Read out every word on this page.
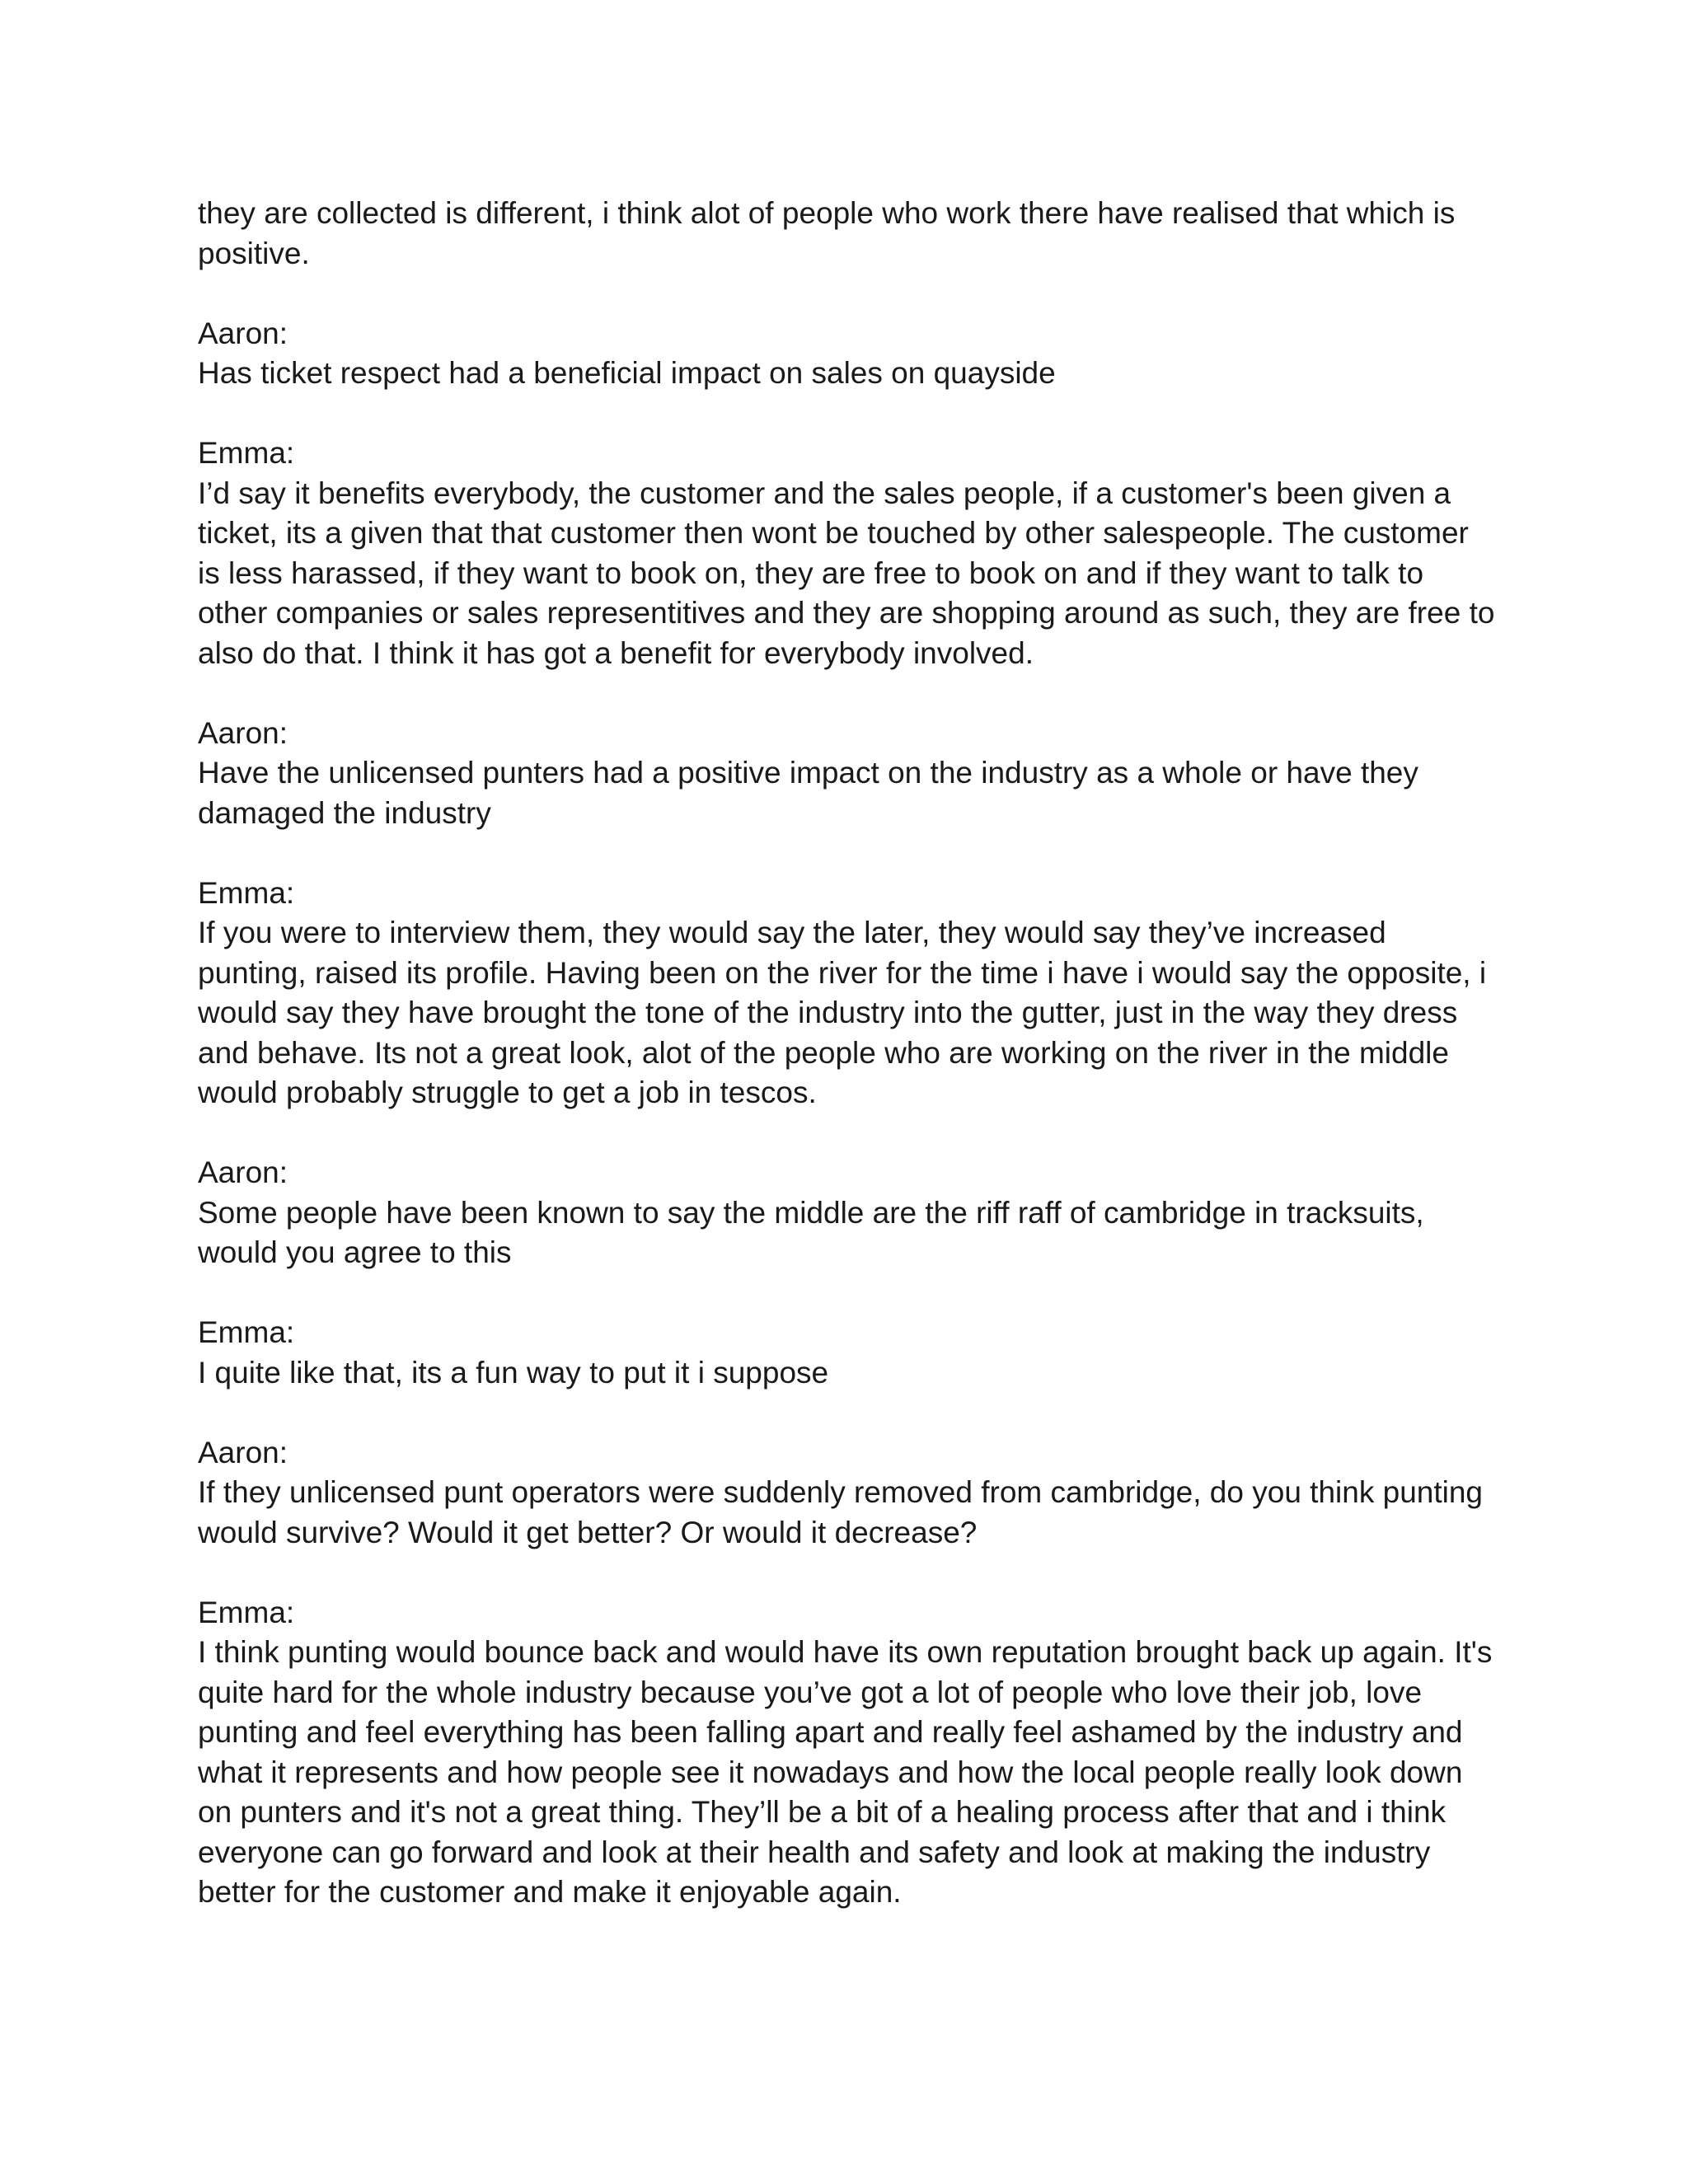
they are collected is different, i think alot of people who work there have realised that which is
positive.
Aaron:
Has ticket respect had a beneficial impact on sales on quayside
Emma:
I’d say it benefits everybody, the customer and the sales people, if a customer's been given a
ticket, its a given that that customer then wont be touched by other salespeople. The customer
is less harassed, if they want to book on, they are free to book on and if they want to talk to
other companies or sales representitives and they are shopping around as such, they are free to
also do that. I think it has got a benefit for everybody involved.
Aaron:
Have the unlicensed punters had a positive impact on the industry as a whole or have they
damaged the industry
Emma:
If you were to interview them, they would say the later, they would say they’ve increased
punting, raised its profile. Having been on the river for the time i have i would say the opposite, i
would say they have brought the tone of the industry into the gutter, just in the way they dress
and behave. Its not a great look, alot of the people who are working on the river in the middle
would probably struggle to get a job in tescos.
Aaron:
Some people have been known to say the middle are the riff raff of cambridge in tracksuits,
would you agree to this
Emma:
I quite like that, its a fun way to put it i suppose
Aaron:
If they unlicensed punt operators were suddenly removed from cambridge, do you think punting
would survive? Would it get better? Or would it decrease?
Emma:
I think punting would bounce back and would have its own reputation brought back up again. It's
quite hard for the whole industry because you’ve got a lot of people who love their job, love
punting and feel everything has been falling apart and really feel ashamed by the industry and
what it represents and how people see it nowadays and how the local people really look down
on punters and it's not a great thing. They’ll be a bit of a healing process after that and i think
everyone can go forward and look at their health and safety and look at making the industry
better for the customer and make it enjoyable again.
